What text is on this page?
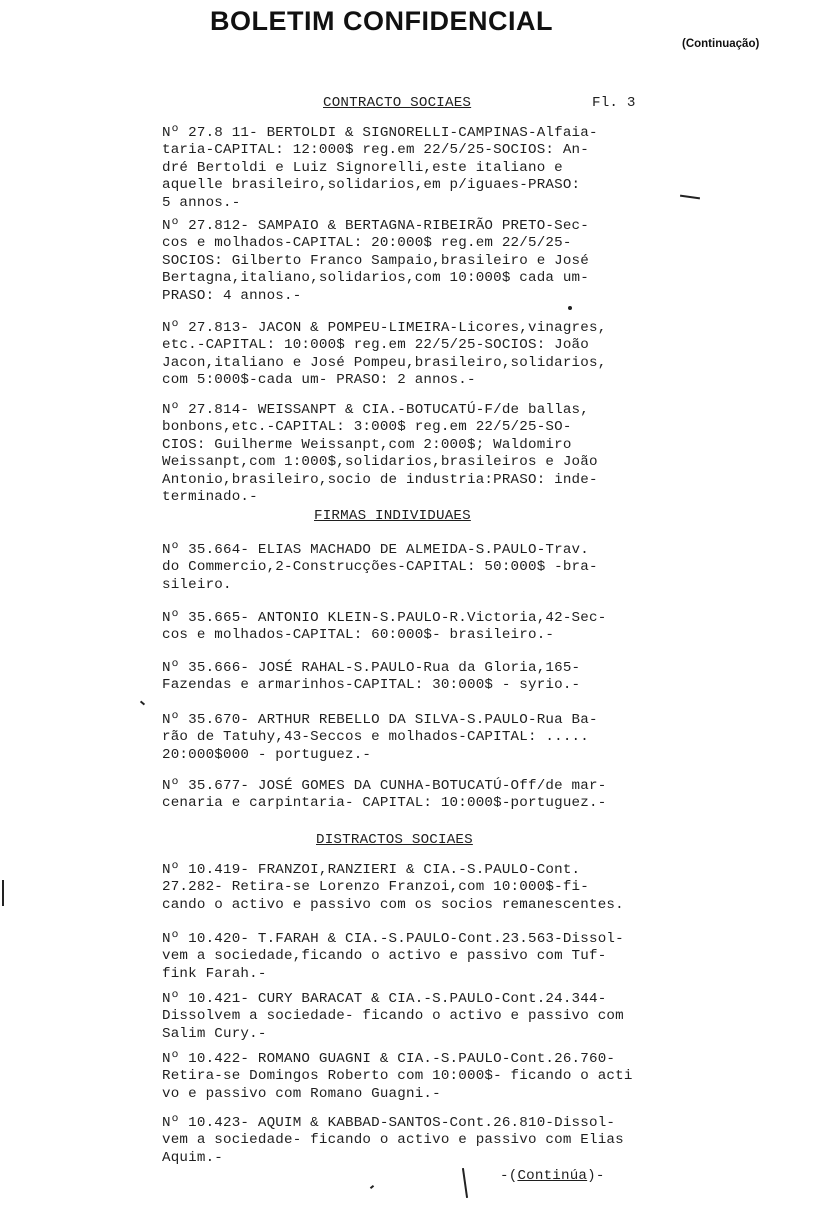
BOLETIM CONFIDENCIAL
(Continuação)
CONTRACTO SOCIAES	Fl. 3
Nº 27.8 11- BERTOLDI & SIGNORELLI-CAMPINAS-Alfaia-
taria-CAPITAL: 12:000$ reg.em 22/5/25-SOCIOS: An-
dré Bertoldi e Luiz Signorelli,este italiano e
aquelle brasileiro,solidarios,em p/iguaes-PRASO:
5 annos.-
Nº 27.812- SAMPAIO & BERTAGNA-RIBEIRÃO PRETO-Sec-
cos e molhados-CAPITAL: 20:000$ reg.em 22/5/25-
SOCIOS: Gilberto Franco Sampaio,brasileiro e José
Bertagna,italiano,solidarios,com 10:000$ cada um-
PRASO: 4 annos.-
Nº 27.813- JACON & POMPEU-LIMEIRA-Licores,vinagres,
etc.-CAPITAL: 10:000$ reg.em 22/5/25-SOCIOS: João
Jacon,italiano e José Pompeu,brasileiro,solidarios,
com 5:000$-cada um- PRASO: 2 annos.-
Nº 27.814- WEISSANPT & CIA.-BOTUCATÚ-F/de ballas,
bonbons,etc.-CAPITAL: 3:000$ reg.em 22/5/25-SO-
CIOS: Guilherme Weissanpt,com 2:000$; Waldomiro
Weissanpt,com 1:000$,solidarios,brasileiros e João
Antonio,brasileiro,socio de industria:PRASO: inde-
terminado.-
FIRMAS INDIVIDUAES
Nº 35.664- ELIAS MACHADO DE ALMEIDA-S.PAULO-Trav.
do Commercio,2-Construcções-CAPITAL: 50:000$ -bra-
sileiro.
Nº 35.665- ANTONIO KLEIN-S.PAULO-R.Victoria,42-Sec-
cos e molhados-CAPITAL: 60:000$- brasileiro.-
Nº 35.666- JOSÉ RAHAL-S.PAULO-Rua da Gloria,165-
Fazendas e armarinhos-CAPITAL: 30:000$ - syrio.-
Nº 35.670- ARTHUR REBELLO DA SILVA-S.PAULO-Rua Ba-
rão de Tatuhy,43-Seccos e molhados-CAPITAL: .....
20:000$000 - portuguez.-
Nº 35.677- JOSÉ GOMES DA CUNHA-BOTUCATÚ-Off/de mar-
cenaria e carpintaria- CAPITAL: 10:000$-portuguez.-
DISTRACTOS SOCIAES
Nº 10.419- FRANZOI,RANZIERI & CIA.-S.PAULO-Cont.
27.282- Retira-se Lorenzo Franzoi,com 10:000$-fi-
cando o activo e passivo com os socios remanescentes.
Nº 10.420- T.FARAH & CIA.-S.PAULO-Cont.23.563-Dissol-
vem a sociedade,ficando o activo e passivo com Tuf-
fink Farah.-
Nº 10.421- CURY BARACAT & CIA.-S.PAULO-Cont.24.344-
Dissolvem a sociedade- ficando o activo e passivo com
Salim Cury.-
Nº 10.422- ROMANO GUAGNI & CIA.-S.PAULO-Cont.26.760-
Retira-se Domingos Roberto com 10:000$- ficando o acti
vo e passivo com Romano Guagni.-
Nº 10.423- AQUIM & KABBAD-SANTOS-Cont.26.810-Dissol-
vem a sociedade- ficando o activo e passivo com Elias
Aquim.-
-(Continúa)-
